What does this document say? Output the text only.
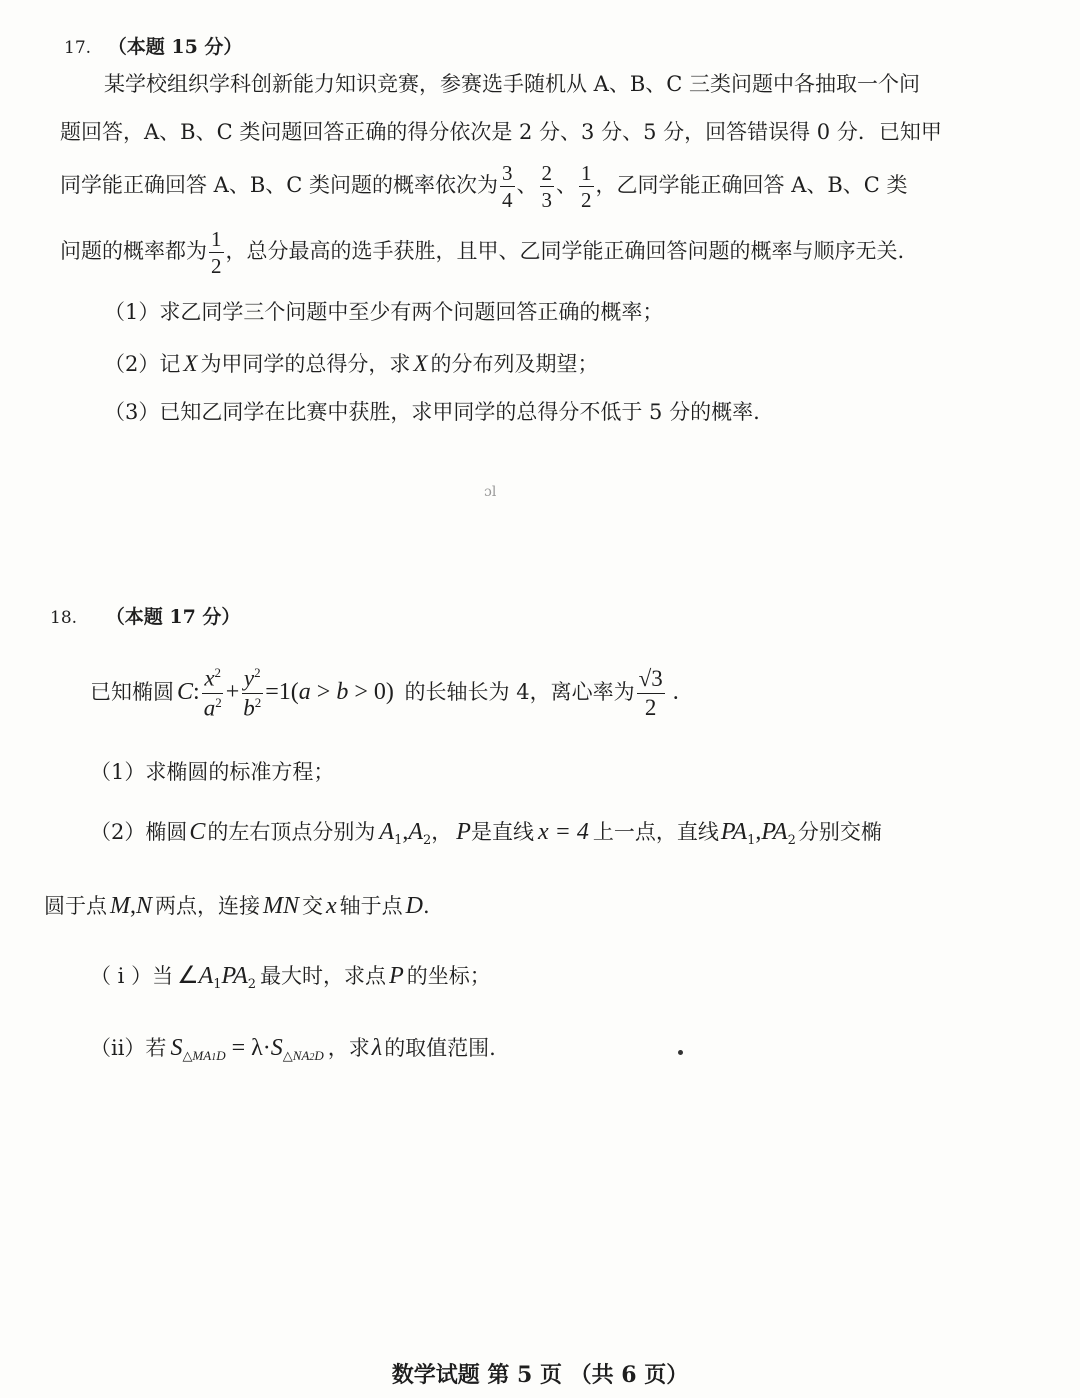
17. （本题 15 分）
某学校组织学科创新能力知识竞赛，参赛选手随机从 A、B、C 三类问题中各抽取一个问
题回答，A、B、C 类问题回答正确的得分依次是 2 分、3 分、5 分，回答错误得 0 分．已知甲
同学能正确回答 A、B、C 类问题的概率依次为 $\frac{3}{4}$ 、 $\frac{2}{3}$ 、 $\frac{1}{2}$ ，乙同学能正确回答 A、B、C 类
问题的概率都为 $\frac{1}{2}$ ，总分最高的选手获胜，且甲、乙同学能正确回答问题的概率与顺序无关.
（1）求乙同学三个问题中至少有两个问题回答正确的概率；
（2）记 X 为甲同学的总得分，求 X 的分布列及期望；
（3）已知乙同学在比赛中获胜，求甲同学的总得分不低于 5 分的概率.
ɔl
18. （本题 17 分）
已知椭圆 C: $\frac{x^2}{a^2} + \frac{y^2}{b^2} =1(a > b > 0)$ 的长轴长为 4，离心率为 $\frac{√3}{2}$ .
（1）求椭圆的标准方程；
（2）椭圆C的左右顶点分别为 $A_1,A_2$， P是直线 x = 4 上一点，直线$PA_1,PA_2$分别交椭
圆于点 M,N 两点，连接 MN 交 x 轴于点 D.
（ i ）当 $\angle A_1PA_2$ 最大时，求点 P 的坐标；
（ii）若 $S_{\triangle MA1D} = \lambda\cdot S_{\triangle NA2D}$ ，求λ的取值范围.
数学试题 第 5 页 （共 6 页）
